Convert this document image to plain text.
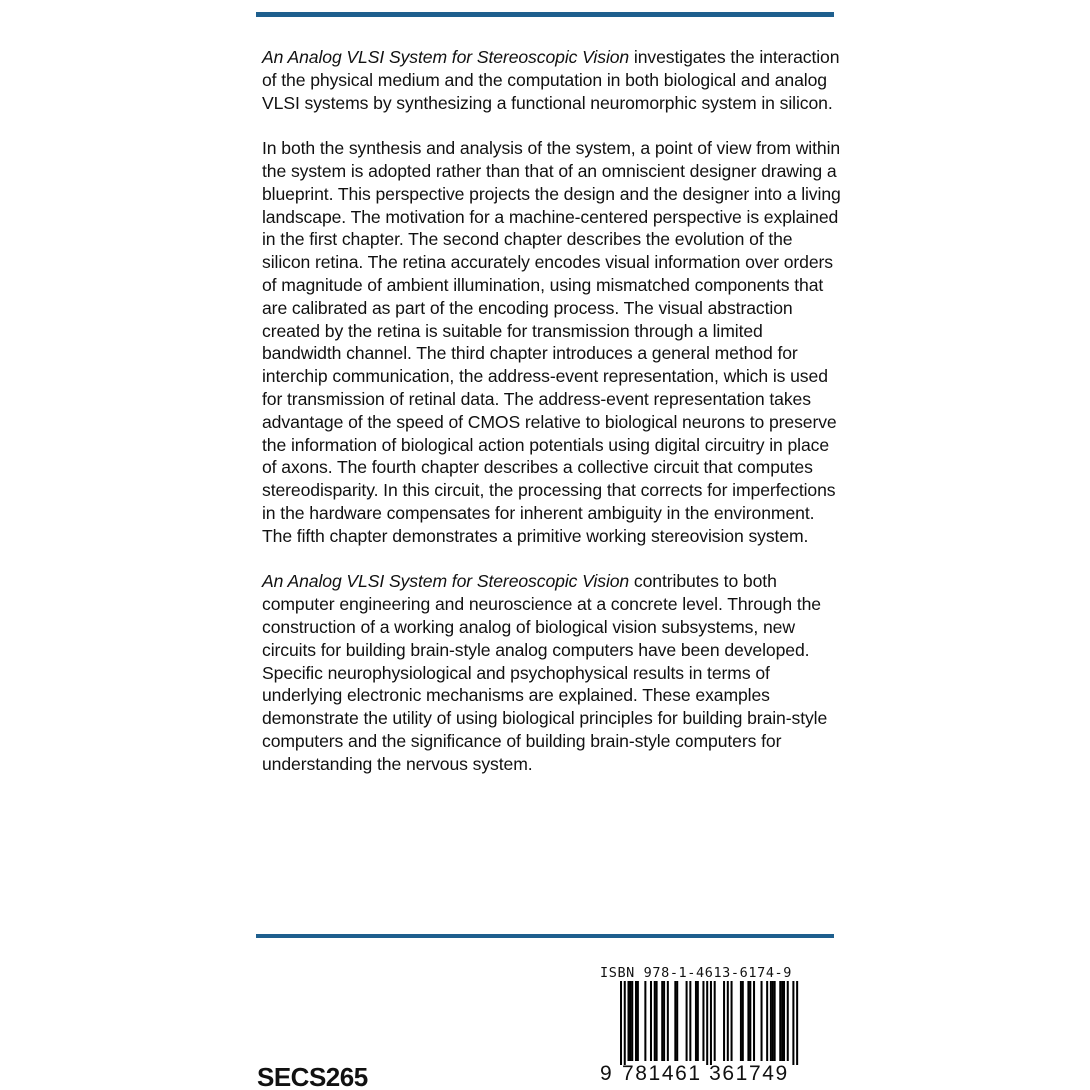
An Analog VLSI System for Stereoscopic Vision investigates the interaction of the physical medium and the computation in both biological and analog VLSI systems by synthesizing a functional neuromorphic system in silicon.

In both the synthesis and analysis of the system, a point of view from within the system is adopted rather than that of an omniscient designer drawing a blueprint. This perspective projects the design and the designer into a living landscape. The motivation for a machine-centered perspective is explained in the first chapter. The second chapter describes the evolution of the silicon retina. The retina accurately encodes visual information over orders of magnitude of ambient illumination, using mismatched components that are calibrated as part of the encoding process. The visual abstraction created by the retina is suitable for transmission through a limited bandwidth channel. The third chapter introduces a general method for interchip communication, the address-event representation, which is used for transmission of retinal data. The address-event representation takes advantage of the speed of CMOS relative to biological neurons to preserve the information of biological action potentials using digital circuitry in place of axons. The fourth chapter describes a collective circuit that computes stereodisparity. In this circuit, the processing that corrects for imperfections in the hardware compensates for inherent ambiguity in the environment. The fifth chapter demonstrates a primitive working stereovision system.

An Analog VLSI System for Stereoscopic Vision contributes to both computer engineering and neuroscience at a concrete level. Through the construction of a working analog of biological vision subsystems, new circuits for building brain-style analog computers have been developed. Specific neurophysiological and psychophysical results in terms of underlying electronic mechanisms are explained. These examples demonstrate the utility of using biological principles for building brain-style computers and the significance of building brain-style computers for understanding the nervous system.

SECS265
ISBN 978-1-4613-6174-9
9 781461 361749
